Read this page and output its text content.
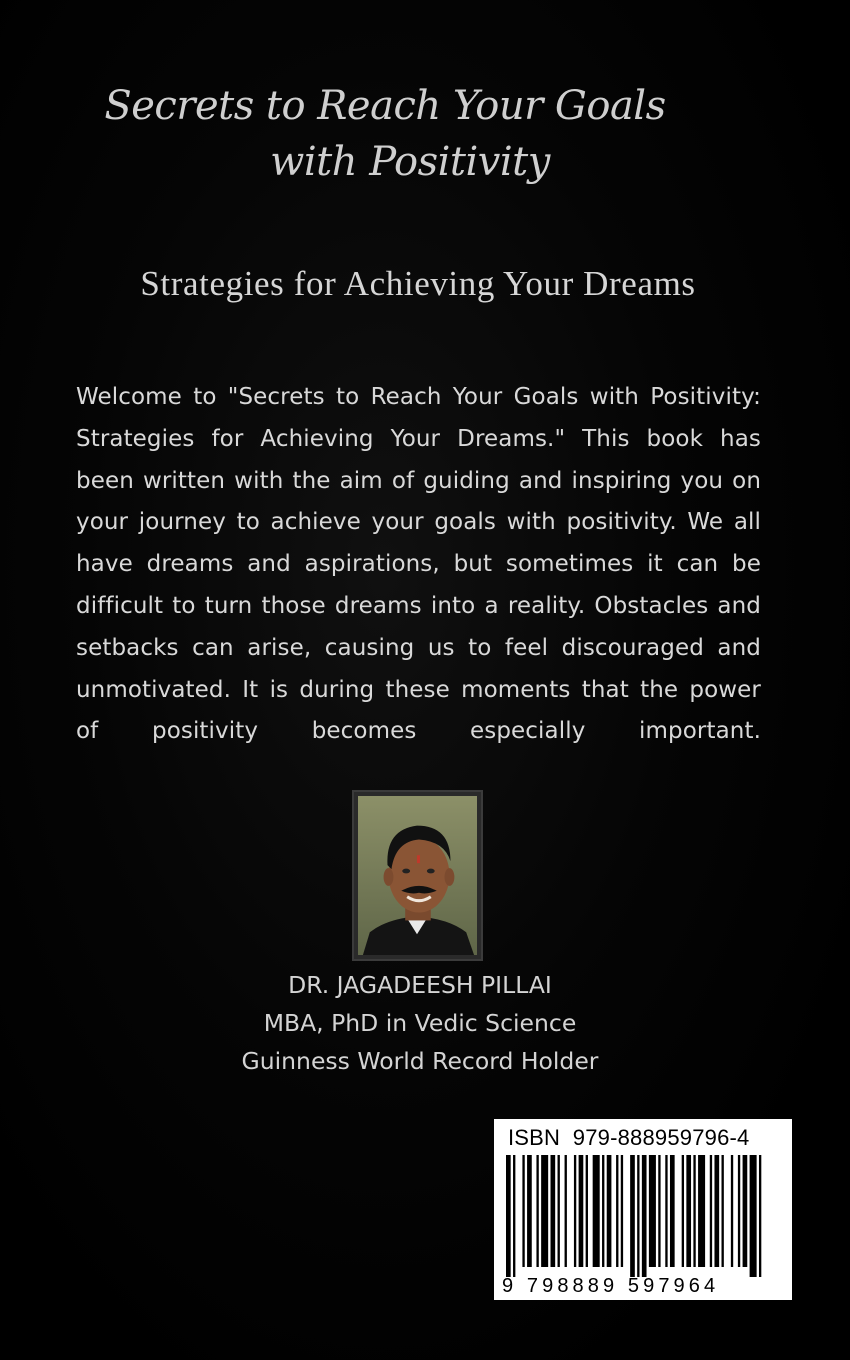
Secrets to Reach Your Goals
with Positivity
Strategies for Achieving Your Dreams
Welcome to "Secrets to Reach Your Goals with Positivity: Strategies for Achieving Your Dreams." This book has been written with the aim of guiding and inspiring you on your journey to achieve your goals with positivity. We all have dreams and aspirations, but sometimes it can be difficult to turn those dreams into a reality. Obstacles and setbacks can arise, causing us to feel discouraged and unmotivated. It is during these moments that the power of positivity becomes especially important.
DR. JAGADEESH PILLAI
MBA, PhD in Vedic Science
Guinness World Record Holder
ISBN  979-888959796-4
9 798889 597964
